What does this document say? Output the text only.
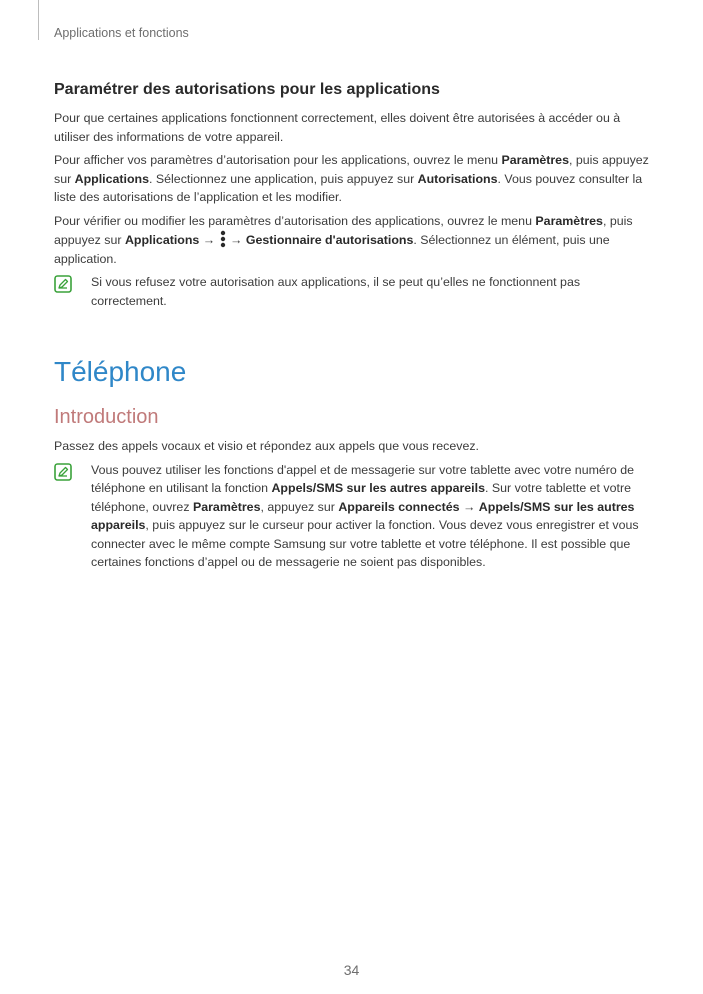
Applications et fonctions
Paramétrer des autorisations pour les applications

Pour que certaines applications fonctionnent correctement, elles doivent être autorisées à accéder ou à utiliser des informations de votre appareil.

Pour afficher vos paramètres d’autorisation pour les applications, ouvrez le menu Paramètres, puis appuyez sur Applications. Sélectionnez une application, puis appuyez sur Autorisations. Vous pouvez consulter la liste des autorisations de l’application et les modifier.

Pour vérifier ou modifier les paramètres d’autorisation des applications, ouvrez le menu Paramètres, puis appuyez sur Applications →  → Gestionnaire d'autorisations. Sélectionnez un élément, puis une application.

Si vous refusez votre autorisation aux applications, il se peut qu’elles ne fonctionnent pas correctement.

Téléphone
Introduction

Passez des appels vocaux et visio et répondez aux appels que vous recevez.

Vous pouvez utiliser les fonctions d'appel et de messagerie sur votre tablette avec votre numéro de téléphone en utilisant la fonction Appels/SMS sur les autres appareils. Sur votre tablette et votre téléphone, ouvrez Paramètres, appuyez sur Appareils connectés → Appels/SMS sur les autres appareils, puis appuyez sur le curseur pour activer la fonction. Vous devez vous enregistrer et vous connecter avec le même compte Samsung sur votre tablette et votre téléphone. Il est possible que certaines fonctions d’appel ou de messagerie ne soient pas disponibles.

34
